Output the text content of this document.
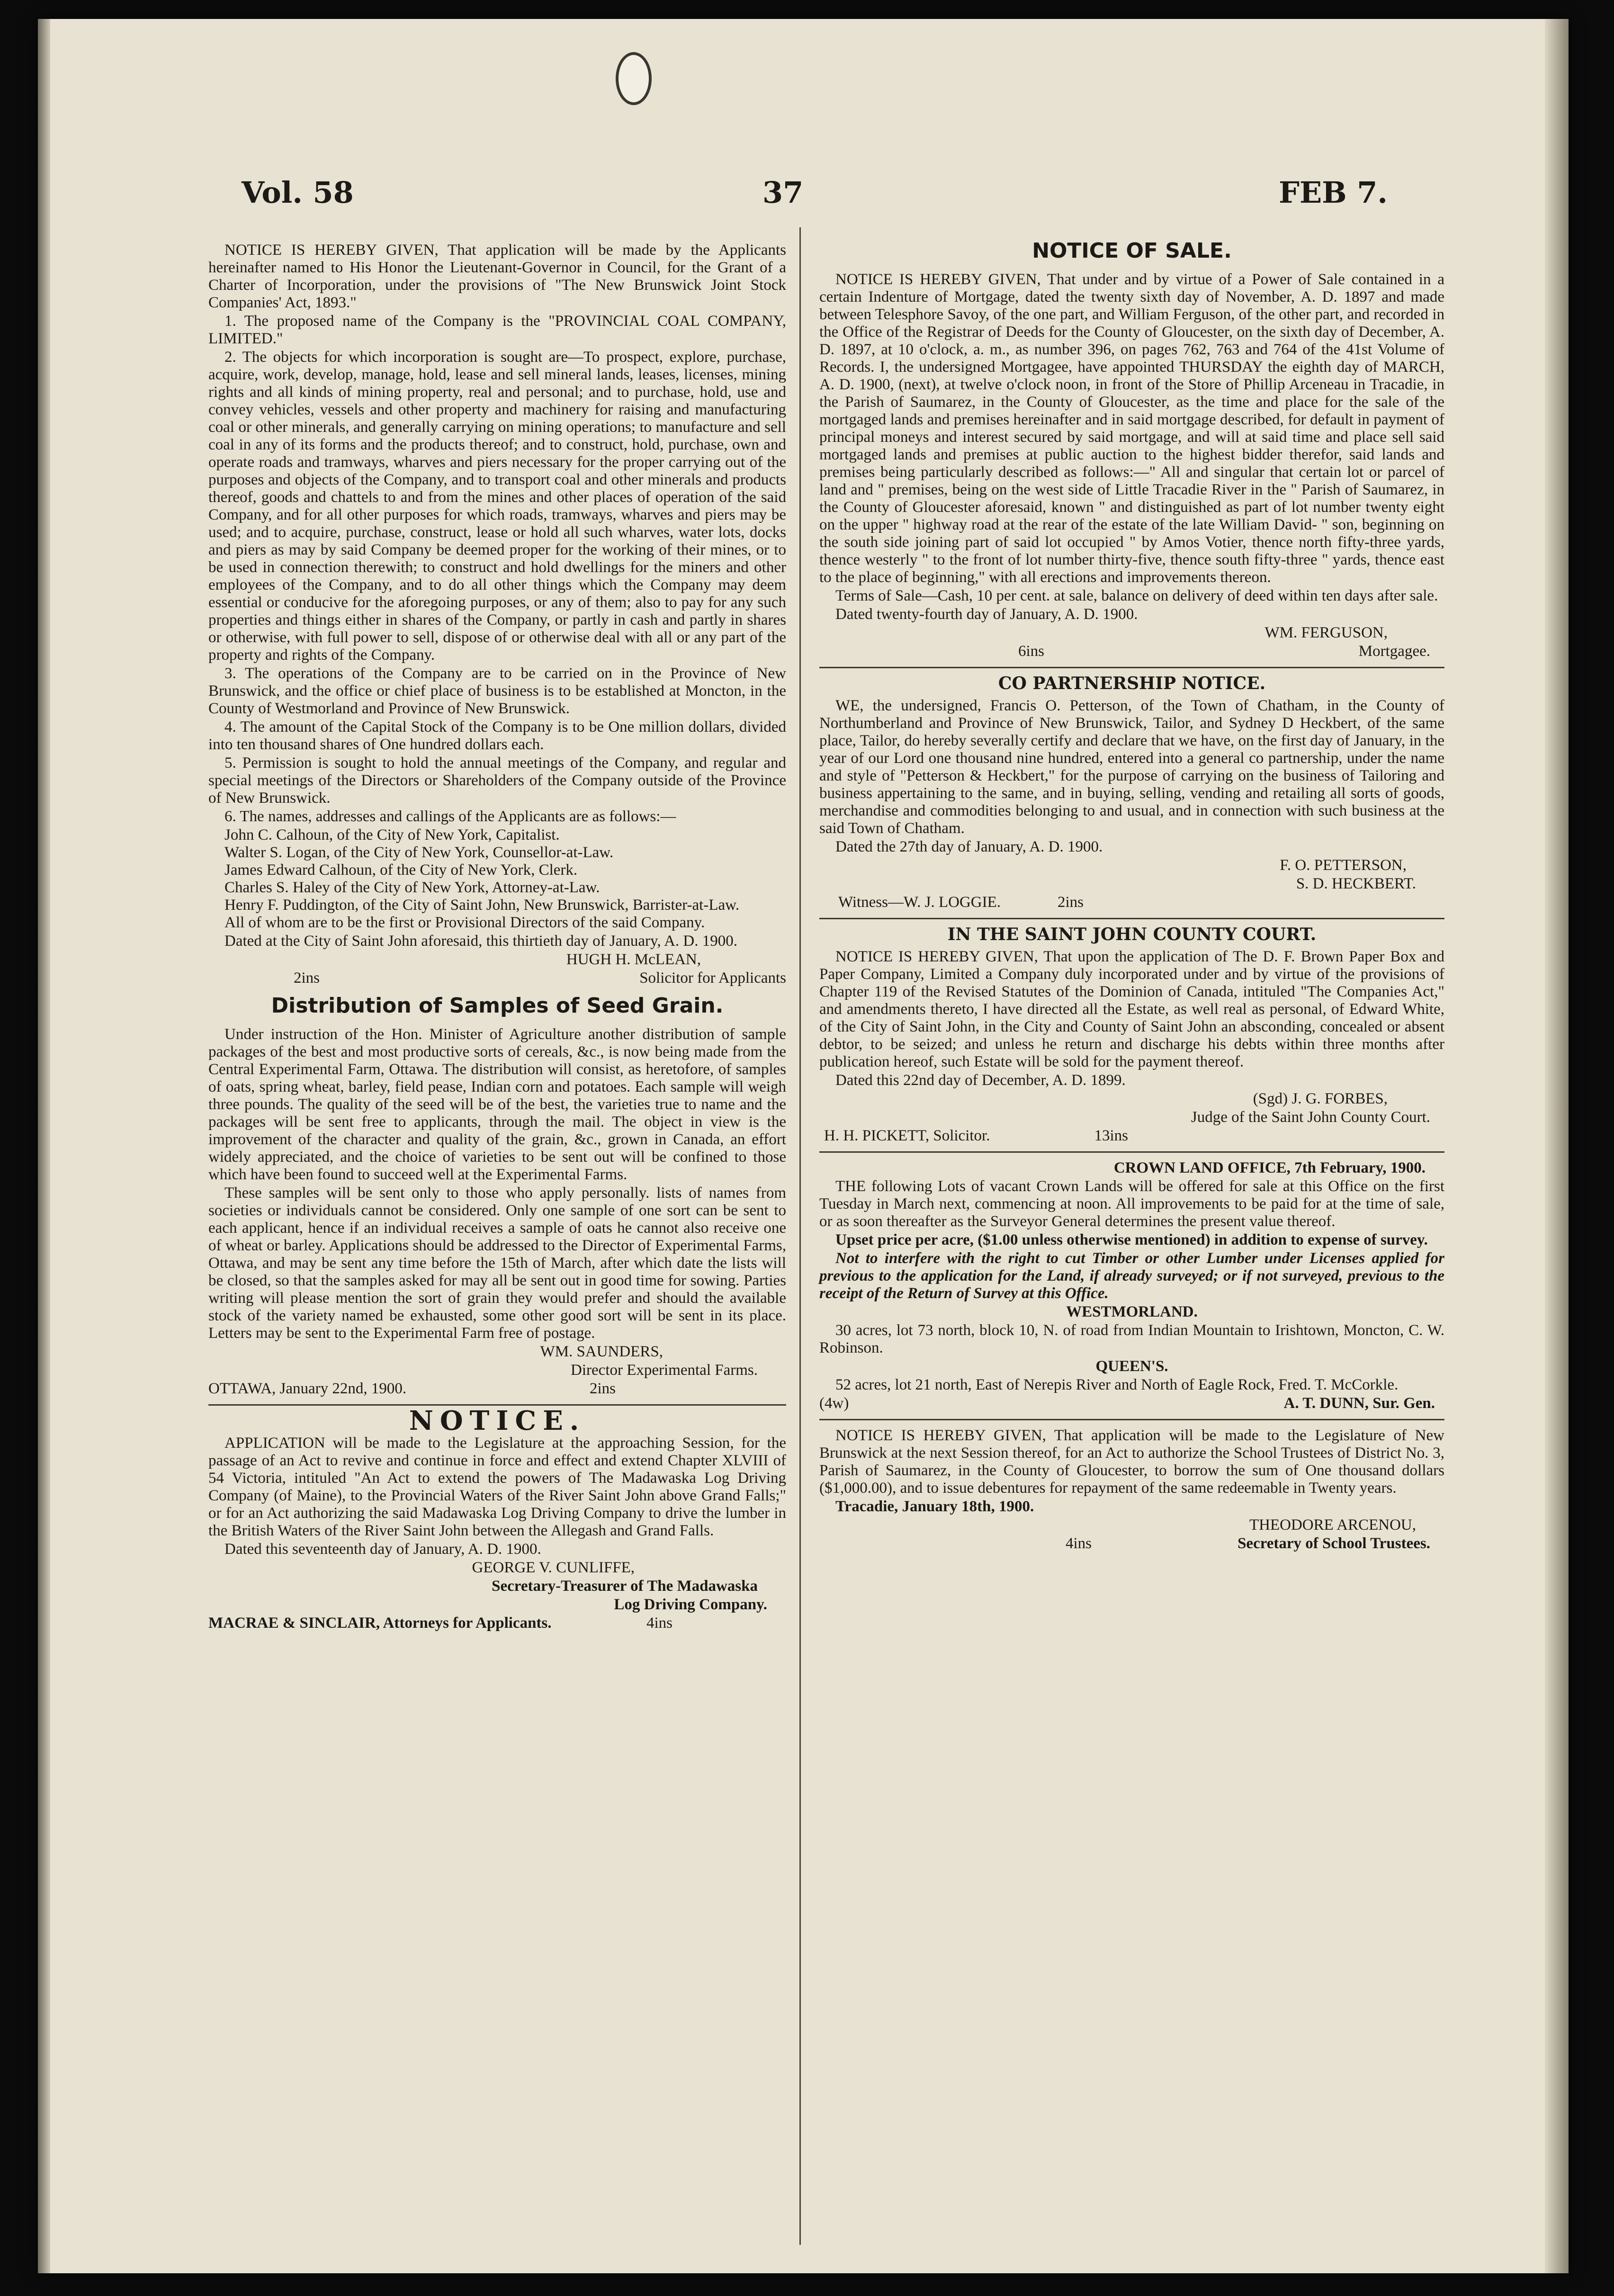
Vol. 58	37	FEB 7.

NOTICE IS HEREBY GIVEN, That application will be made by the Applicants hereinafter named to His Honor the Lieutenant-Governor in Council, for the Grant of a Charter of Incorporation, under the provisions of "The New Brunswick Joint Stock Companies' Act, 1893."

1. The proposed name of the Company is the "PROVINCIAL COAL COMPANY, LIMITED."

2. The objects for which incorporation is sought are—To prospect, explore, purchase, acquire, work, develop, manage, hold, lease and sell mineral lands, leases, licenses, mining rights and all kinds of mining property, real and personal; and to purchase, hold, use and convey vehicles, vessels and other property and machinery for raising and manufacturing coal or other minerals, and generally carrying on mining operations; to manufacture and sell coal in any of its forms and the products thereof; and to construct, hold, purchase, own and operate roads and tramways, wharves and piers necessary for the proper carrying out of the purposes and objects of the Company, and to transport coal and other minerals and products thereof, goods and chattels to and from the mines and other places of operation of the said Company, and for all other purposes for which roads, tramways, wharves and piers may be used; and to acquire, purchase, construct, lease or hold all such wharves, water lots, docks and piers as may by said Company be deemed proper for the working of their mines, or to be used in connection therewith; to construct and hold dwellings for the miners and other employees of the Company, and to do all other things which the Company may deem essential or conducive for the aforegoing purposes, or any of them; also to pay for any such properties and things either in shares of the Company, or partly in cash and partly in shares or otherwise, with full power to sell, dispose of or otherwise deal with all or any part of the property and rights of the Company.

3. The operations of the Company are to be carried on in the Province of New Brunswick, and the office or chief place of business is to be established at Moncton, in the County of Westmorland and Province of New Brunswick.

4. The amount of the Capital Stock of the Company is to be One million dollars, divided into ten thousand shares of One hundred dollars each.

5. Permission is sought to hold the annual meetings of the Company, and regular and special meetings of the Directors or Shareholders of the Company outside of the Province of New Brunswick.

6. The names, addresses and callings of the Applicants are as follows:—

John C. Calhoun, of the City of New York, Capitalist.

Walter S. Logan, of the City of New York, Counsellor-at-Law.

James Edward Calhoun, of the City of New York, Clerk.

Charles S. Haley of the City of New York, Attorney-at-Law.

Henry F. Puddington, of the City of Saint John, New Brunswick, Barrister-at-Law.

All of whom are to be the first or Provisional Directors of the said Company.

Dated at the City of Saint John aforesaid, this thirtieth day of January, A. D. 1900.

HUGH H. McLEAN,

2ins	Solicitor for Applicants

Distribution of Samples of Seed Grain.

Under instruction of the Hon. Minister of Agriculture another distribution of sample packages of the best and most productive sorts of cereals, &c., is now being made from the Central Experimental Farm, Ottawa. The distribution will consist, as heretofore, of samples of oats, spring wheat, barley, field pease, Indian corn and potatoes. Each sample will weigh three pounds. The quality of the seed will be of the best, the varieties true to name and the packages will be sent free to applicants, through the mail. The object in view is the improvement of the character and quality of the grain, &c., grown in Canada, an effort widely appreciated, and the choice of varieties to be sent out will be confined to those which have been found to succeed well at the Experimental Farms.

These samples will be sent only to those who apply personally. lists of names from societies or individuals cannot be considered. Only one sample of one sort can be sent to each applicant, hence if an individual receives a sample of oats he cannot also receive one of wheat or barley. Applications should be addressed to the Director of Experimental Farms, Ottawa, and may be sent any time before the 15th of March, after which date the lists will be closed, so that the samples asked for may all be sent out in good time for sowing. Parties writing will please mention the sort of grain they would prefer and should the available stock of the variety named be exhausted, some other good sort will be sent in its place. Letters may be sent to the Experimental Farm free of postage.

WM. SAUNDERS,

Director Experimental Farms.

OTTAWA, January 22nd, 1900.	2ins

NOTICE.

APPLICATION will be made to the Legislature at the approaching Session, for the passage of an Act to revive and continue in force and effect and extend Chapter XLVIII of 54 Victoria, intituled "An Act to extend the powers of The Madawaska Log Driving Company (of Maine), to the Provincial Waters of the River Saint John above Grand Falls;" or for an Act authorizing the said Madawaska Log Driving Company to drive the lumber in the British Waters of the River Saint John between the Allegash and Grand Falls.

Dated this seventeenth day of January, A. D. 1900.

GEORGE V. CUNLIFFE,

Secretary-Treasurer of The Madawaska

Log Driving Company.

MACRAE & SINCLAIR, Attorneys for Applicants.	4ins

NOTICE OF SALE.

NOTICE IS HEREBY GIVEN, That under and by virtue of a Power of Sale contained in a certain Indenture of Mortgage, dated the twenty sixth day of November, A. D. 1897 and made between Telesphore Savoy, of the one part, and William Ferguson, of the other part, and recorded in the Office of the Registrar of Deeds for the County of Gloucester, on the sixth day of December, A. D. 1897, at 10 o'clock, a. m., as number 396, on pages 762, 763 and 764 of the 41st Volume of Records. I, the undersigned Mortgagee, have appointed THURSDAY the eighth day of MARCH, A. D. 1900, (next), at twelve o'clock noon, in front of the Store of Phillip Arceneau in Tracadie, in the Parish of Saumarez, in the County of Gloucester, as the time and place for the sale of the mortgaged lands and premises hereinafter and in said mortgage described, for default in payment of principal moneys and interest secured by said mortgage, and will at said time and place sell said mortgaged lands and premises at public auction to the highest bidder therefor, said lands and premises being particularly described as follows:—" All and singular that certain lot or parcel of land and " premises, being on the west side of Little Tracadie River in the " Parish of Saumarez, in the County of Gloucester aforesaid, known " and distinguished as part of lot number twenty eight on the upper " highway road at the rear of the estate of the late William David- " son, beginning on the south side joining part of said lot occupied " by Amos Votier, thence north fifty-three yards, thence westerly " to the front of lot number thirty-five, thence south fifty-three " yards, thence east to the place of beginning," with all erections and improvements thereon.

Terms of Sale—Cash, 10 per cent. at sale, balance on delivery of deed within ten days after sale.

Dated twenty-fourth day of January, A. D. 1900.

WM. FERGUSON,

6ins	Mortgagee.

CO PARTNERSHIP NOTICE.

WE, the undersigned, Francis O. Petterson, of the Town of Chatham, in the County of Northumberland and Province of New Brunswick, Tailor, and Sydney D Heckbert, of the same place, Tailor, do hereby severally certify and declare that we have, on the first day of January, in the year of our Lord one thousand nine hundred, entered into a general co partnership, under the name and style of "Petterson & Heckbert," for the purpose of carrying on the business of Tailoring and business appertaining to the same, and in buying, selling, vending and retailing all sorts of goods, merchandise and commodities belonging to and usual, and in connection with such business at the said Town of Chatham.

Dated the 27th day of January, A. D. 1900.

F. O. PETTERSON,

S. D. HECKBERT.

Witness—W. J. LOGGIE.	2ins

IN THE SAINT JOHN COUNTY COURT.

NOTICE IS HEREBY GIVEN, That upon the application of The D. F. Brown Paper Box and Paper Company, Limited a Company duly incorporated under and by virtue of the provisions of Chapter 119 of the Revised Statutes of the Dominion of Canada, intituled "The Companies Act," and amendments thereto, I have directed all the Estate, as well real as personal, of Edward White, of the City of Saint John, in the City and County of Saint John an absconding, concealed or absent debtor, to be seized; and unless he return and discharge his debts within three months after publication hereof, such Estate will be sold for the payment thereof.

Dated this 22nd day of December, A. D. 1899.

(Sgd) J. G. FORBES,

Judge of the Saint John County Court.

H. H. PICKETT, Solicitor.	13ins

CROWN LAND OFFICE, 7th February, 1900.

THE following Lots of vacant Crown Lands will be offered for sale at this Office on the first Tuesday in March next, commencing at noon. All improvements to be paid for at the time of sale, or as soon thereafter as the Surveyor General determines the present value thereof.

Upset price per acre, ($1.00 unless otherwise mentioned) in addition to expense of survey.

Not to interfere with the right to cut Timber or other Lumber under Licenses applied for previous to the application for the Land, if already surveyed; or if not surveyed, previous to the receipt of the Return of Survey at this Office.

WESTMORLAND.

30 acres, lot 73 north, block 10, N. of road from Indian Mountain to Irishtown, Moncton, C. W. Robinson.

QUEEN'S.

52 acres, lot 21 north, East of Nerepis River and North of Eagle Rock, Fred. T. McCorkle.

(4w)	A. T. DUNN, Sur. Gen.

NOTICE IS HEREBY GIVEN, That application will be made to the Legislature of New Brunswick at the next Session thereof, for an Act to authorize the School Trustees of District No. 3, Parish of Saumarez, in the County of Gloucester, to borrow the sum of One thousand dollars ($1,000.00), and to issue debentures for repayment of the same redeemable in Twenty years.

Tracadie, January 18th, 1900.

THEODORE ARCENOU,

4ins	Secretary of School Trustees.
